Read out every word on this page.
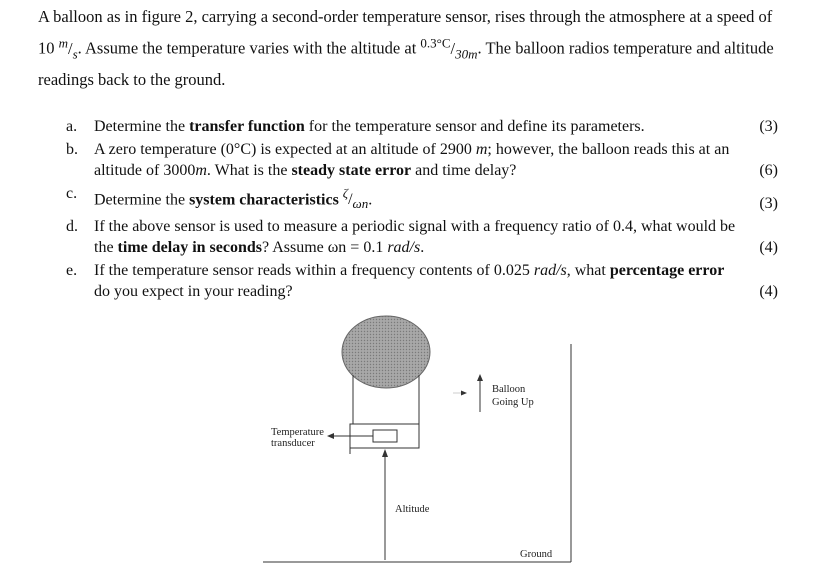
A balloon as in figure 2, carrying a second-order temperature sensor, rises through the atmosphere at a speed of 10 $^m/_s$. Assume the temperature varies with the altitude at $^{0.3^\circ C}/_{30m}$. The balloon radios temperature and altitude readings back to the ground.

a. Determine the transfer function for the temperature sensor and define its parameters.	(3)
b. A zero temperature (0°C) is expected at an altitude of 2900 m; however, the balloon reads this at an altitude of 3000m. What is the steady state error and time delay?	(6)
c. Determine the system characteristics $^\zeta/_{\omega n}$.	(3)
d. If the above sensor is used to measure a periodic signal with a frequency ratio of 0.4, what would be the time delay in seconds? Assume ωn = 0.1 rad/s.	(4)
e. If the temperature sensor reads within a frequency contents of 0.025 rad/s, what percentage error do you expect in your reading?	(4)
Temperature
transducer
Altitude
Balloon
Going Up
Ground
